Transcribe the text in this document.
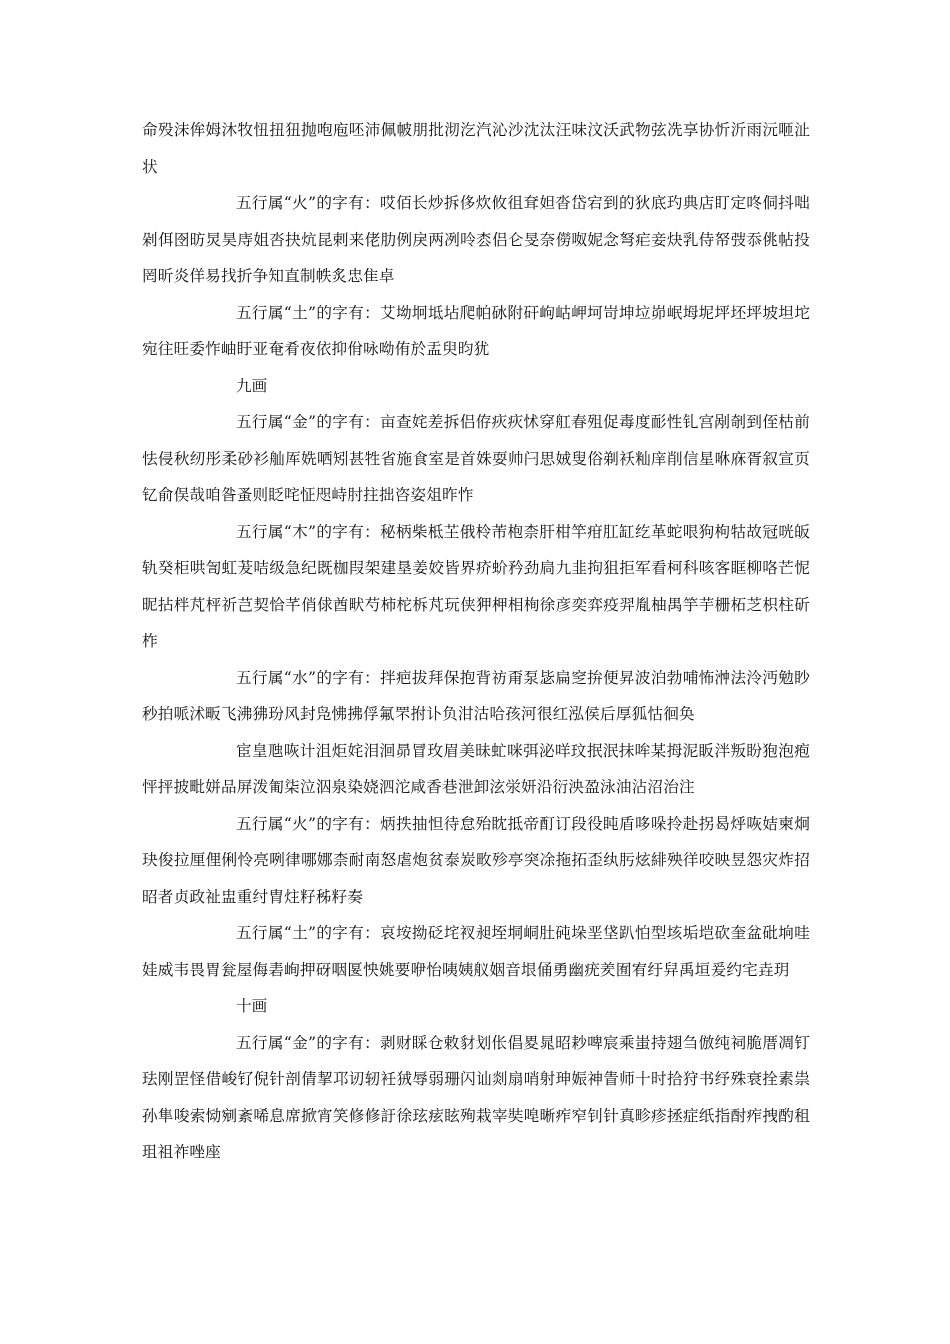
命殁沫侔姆沐牧忸扭狃抛咆庖呸沛佩帔朋批沏汔汽沁沙沈汰汪味汶沃武物弦冼享协忻沂雨沅咂沚状

五行属“火”的字有：哎佰长炒拆侈炊攸徂耷妲沓岱宕到的狄底玓典店盯定咚侗抖咄剁佴囹昉炅昊庤姐呇抉炕昆剌来佬肋例戾两冽呤枩侣仑旻奈僗呶妮念弩疟妾炔乳侍帑弢忝佻帖投罔昕炎佯易找折争知直制帙炙忠隹卓

五行属“土”的字有：艾坳坰坻坫爬帕砅附矸岣岵岬坷岢坤垃峁岷坶坭坪坯坪坡坦坨宛往旺委怍岫盱亚奄肴夜依抑佾咏呦侑於盂臾昀犹

九画

五行属“金”的字有：亩查姹差拆侣侟疢疢怵穿舡春殂促毒度耏性钆宫剐剞到侄枯前怯侵秋纫彤柔砂衫舢厍姺哂矧甚牲省施食室是首姝耍帅闩思娀叟俗剃袄籼庠削信星咻庥胥叙宣页钇俞俣哉咱昝蚤则眨咤怔咫峙肘拄拙咨姿俎昨怍

五行属“木”的字有：秘柄柴柢芏俄柃芾枹柰肝柑竿疳肛缸纥革蛇哏狗枸牯故冠咣皈轨癸柜哄訇虹茇咭级急纪既枷叚架建垦姜姣皆界疥蚧矜劲扃九韭拘狙拒军看柯科咳客眶柳咯芒怩昵拈柈芃枰祈芑契恰芊俏俅酋畎芍柿柁柝芃玩侠狎柙相栒徐彦奕弈疫羿胤柚禺竽芋栅柘芝枳柱斫柞

五行属“水”的字有：拌疤拔拜保抱背祊甭泵毖扁窆拚便昇波泊勃哺怖浺法泠沔勉眇秒拍哌沭畈飞沸狒玢风封凫怫拂俘氟罘拊讣负泔沽哈孩河很红泓侯后厚狐怙徊奂

宦皇虺咴计沮炬姹泪洄昴冒玫眉美昧虻咪弭泌咩玟抿泯抹哞某拇泥眅泮叛盼狍泡疱怦抨披毗姘品屏泼匍柒泣泅泉染娆泗沱咸香巷泄卸泫泶妍沿衍泱盈泳油沾沼治注

五行属“火”的字有：炳抶抽怛待怠殆眈抵帝酊订段役盹盾哆哚拎赴拐曷烀咴姞柬炯玦俊拉厘俚俐怜亮咧律哪娜柰耐南怒虐炮贫泰炭畋殄亭突凃拖拓歪纨肟炫緋殃徉咬映昱怨灾炸招昭者贞政祉盅重纣胄炷籽秭籽奏

五行属“土”的字有：哀垵拗砭垞衩昶垤垌峒肚砘垛垩垡趴怕型垓垢垲砍奎盆砒垧哇娃威韦畏胃瓮屋侮砉峋押砑咽匽怏姚要咿怡咦姨舣姻音垠俑勇幽疣羑囿宥纡舁禹垣爰约宅垚玥

十画

五行属“金”的字有：剥财睬仓敕豺划伥倡畟晁昭耖啤宸乘蚩持翅刍倣纯祠脆厝凋钉珐刚罡怪借峻钌倪针剖倩挈邛讱轫衽狨辱弱珊闪讪剡扇哨射珅娠神眚师十时拾狩书纾殊衰拴素祟孙隼唆索恸剜紊唏息席掀宵笑修修訏徐玹痃眩殉栽宰奘唣晰痄窄钊针真畛疹拯症纸指酎痄拽酌租珇祖祚唑座
